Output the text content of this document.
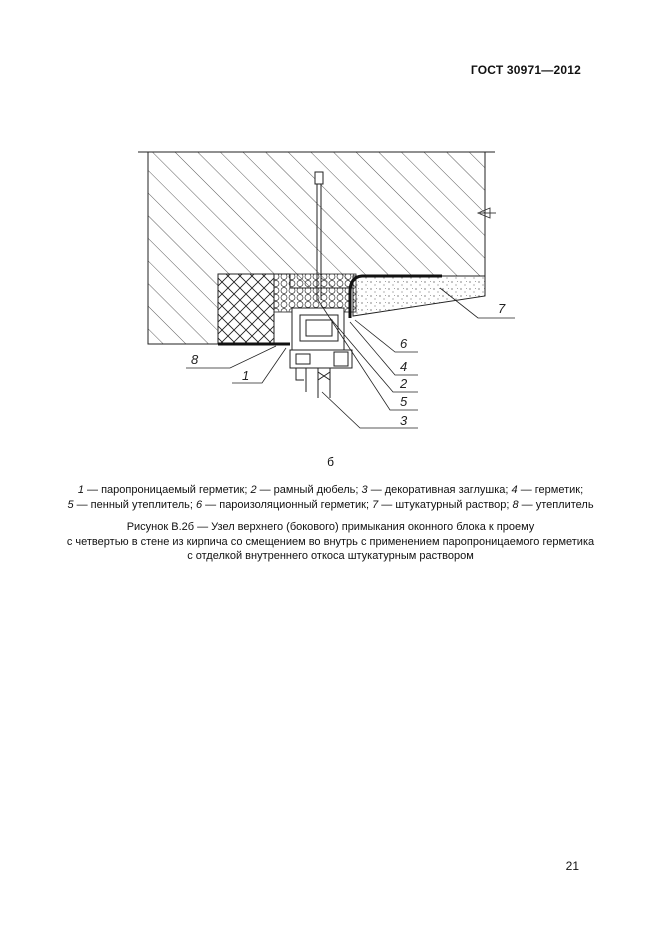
ГОСТ 30971—2012
8
1
6
4
2
5
3
7
б
1 — паропроницаемый герметик; 2 — рамный дюбель; 3 — декоративная заглушка; 4 — герметик;
5 — пенный утеплитель; 6 — пароизоляционный герметик; 7 — штукатурный раствор; 8 — утеплитель
Рисунок В.2б — Узел верхнего (бокового) примыкания оконного блока к проему
с четвертью в стене из кирпича со смещением во внутрь с применением паропроницаемого герметика
с отделкой внутреннего откоса штукатурным раствором
21
